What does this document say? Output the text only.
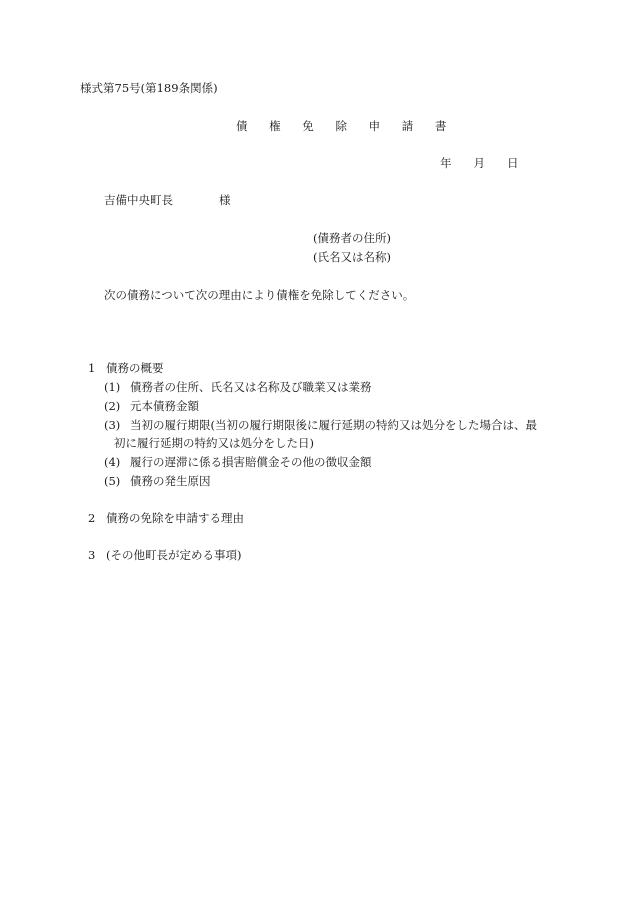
様式第75号(第189条関係)
債 権 免 除 申 請 書
年 月 日
吉備中央町長	様
(債務者の住所)
(氏名又は名称)
次の債務について次の理由により債権を免除してください。
1 債務の概要
(1) 債務者の住所、氏名又は名称及び職業又は業務
(2) 元本債務金額
(3) 当初の履行期限(当初の履行期限後に履行延期の特約又は処分をした場合は、最
初に履行延期の特約又は処分をした日)
(4) 履行の遅滞に係る損害賠償金その他の徴収金額
(5) 債務の発生原因
2 債務の免除を申請する理由
3 (その他町長が定める事項)
